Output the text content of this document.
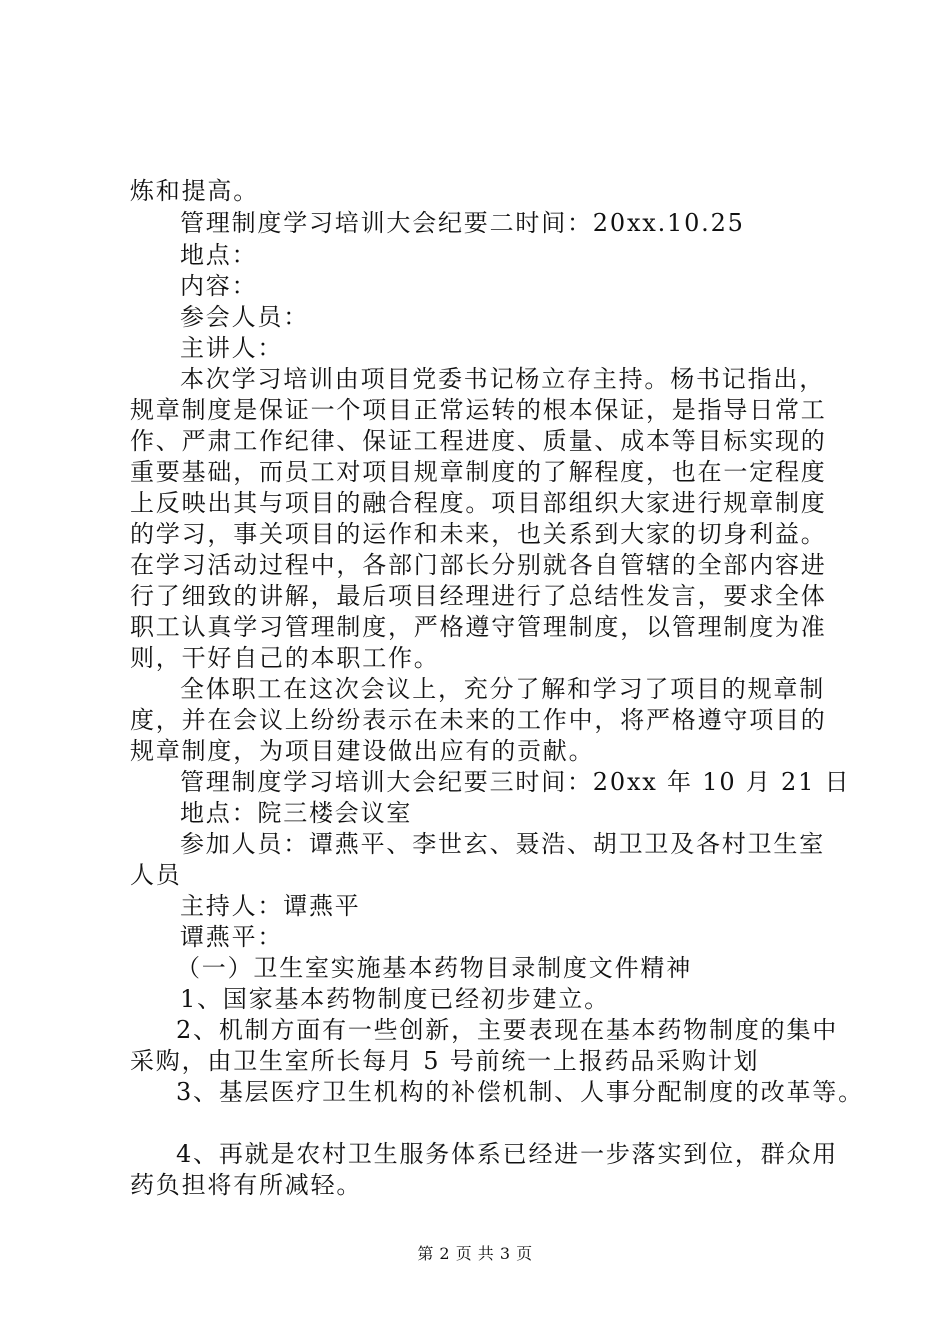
炼和提高。
管理制度学习培训大会纪要二时间：20xx.10.25
地点：
内容：
参会人员：
主讲人：
本次学习培训由项目党委书记杨立存主持。杨书记指出，
规章制度是保证一个项目正常运转的根本保证，是指导日常工
作、严肃工作纪律、保证工程进度、质量、成本等目标实现的
重要基础，而员工对项目规章制度的了解程度，也在一定程度
上反映出其与项目的融合程度。项目部组织大家进行规章制度
的学习，事关项目的运作和未来，也关系到大家的切身利益。
在学习活动过程中，各部门部长分别就各自管辖的全部内容进
行了细致的讲解，最后项目经理进行了总结性发言，要求全体
职工认真学习管理制度，严格遵守管理制度，以管理制度为准
则，干好自己的本职工作。
全体职工在这次会议上，充分了解和学习了项目的规章制
度，并在会议上纷纷表示在未来的工作中，将严格遵守项目的
规章制度，为项目建设做出应有的贡献。
管理制度学习培训大会纪要三时间：20xx 年 10 月 21 日
地点：院三楼会议室
参加人员：谭燕平、李世玄、聂浩、胡卫卫及各村卫生室
人员
主持人：谭燕平
谭燕平：
（一）卫生室实施基本药物目录制度文件精神
1、国家基本药物制度已经初步建立。
2、机制方面有一些创新，主要表现在基本药物制度的集中
采购，由卫生室所长每月 5 号前统一上报药品采购计划
3、基层医疗卫生机构的补偿机制、人事分配制度的改革等。
4、再就是农村卫生服务体系已经进一步落实到位，群众用
药负担将有所减轻。
第 2 页 共 3 页
